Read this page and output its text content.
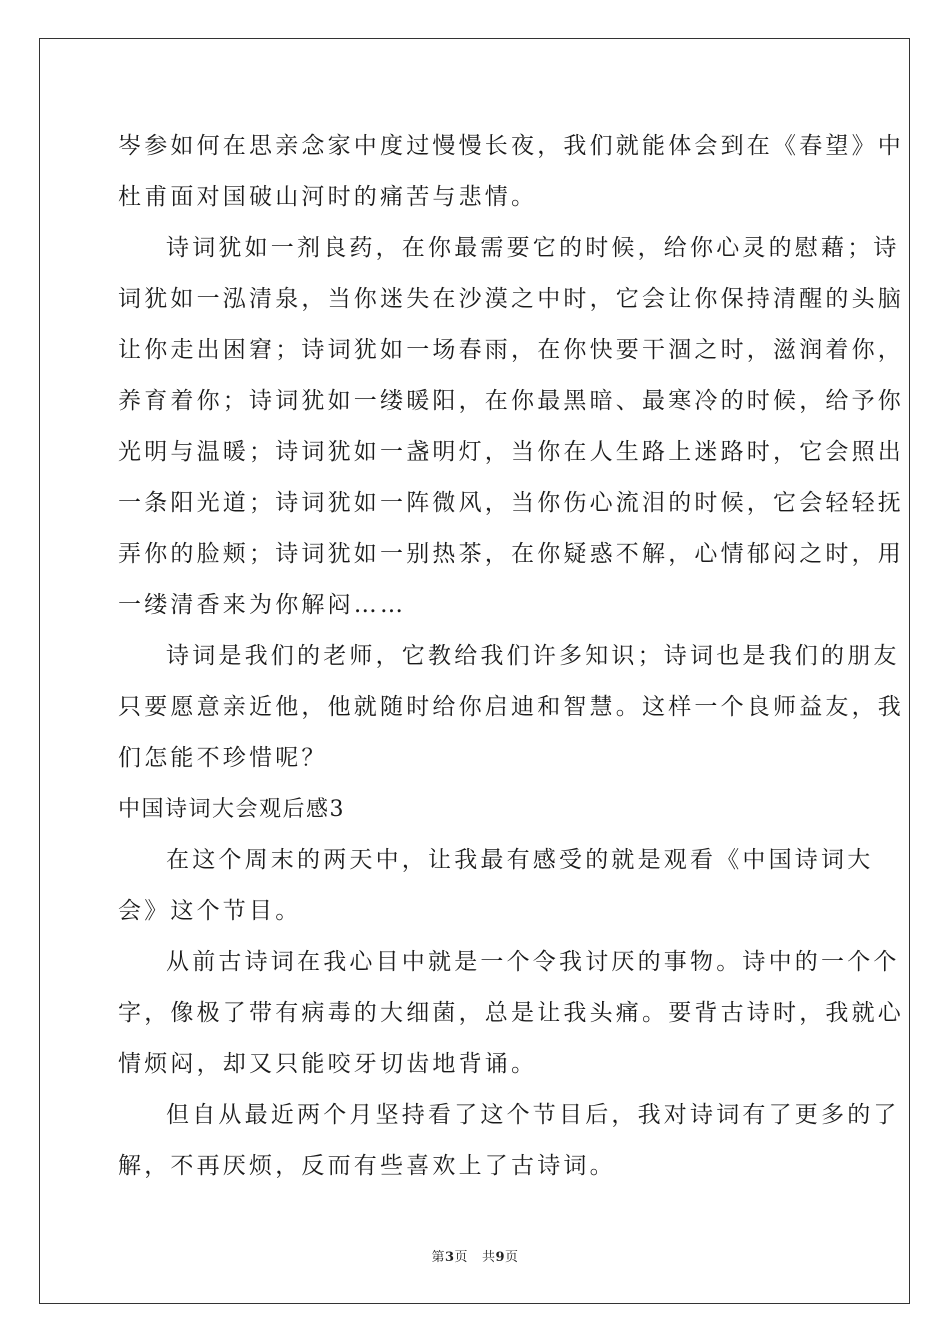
岑参如何在思亲念家中度过慢慢长夜，我们就能体会到在《春望》中
杜甫面对国破山河时的痛苦与悲情。
诗词犹如一剂良药，在你最需要它的时候，给你心灵的慰藉；诗
词犹如一泓清泉，当你迷失在沙漠之中时，它会让你保持清醒的头脑
让你走出困窘；诗词犹如一场春雨，在你快要干涸之时，滋润着你，
养育着你；诗词犹如一缕暖阳，在你最黑暗、最寒冷的时候，给予你
光明与温暖；诗词犹如一盏明灯，当你在人生路上迷路时，它会照出
一条阳光道；诗词犹如一阵微风，当你伤心流泪的时候，它会轻轻抚
弄你的脸颊；诗词犹如一别热茶，在你疑惑不解，心情郁闷之时，用
一缕清香来为你解闷……
诗词是我们的老师，它教给我们许多知识；诗词也是我们的朋友
只要愿意亲近他，他就随时给你启迪和智慧。这样一个良师益友，我
们怎能不珍惜呢？
中国诗词大会观后感3
在这个周末的两天中，让我最有感受的就是观看《中国诗词大
会》这个节目。
从前古诗词在我心目中就是一个令我讨厌的事物。诗中的一个个
字，像极了带有病毒的大细菌，总是让我头痛。要背古诗时，我就心
情烦闷，却又只能咬牙切齿地背诵。
但自从最近两个月坚持看了这个节目后，我对诗词有了更多的了
解，不再厌烦，反而有些喜欢上了古诗词。
第3页 共9页
